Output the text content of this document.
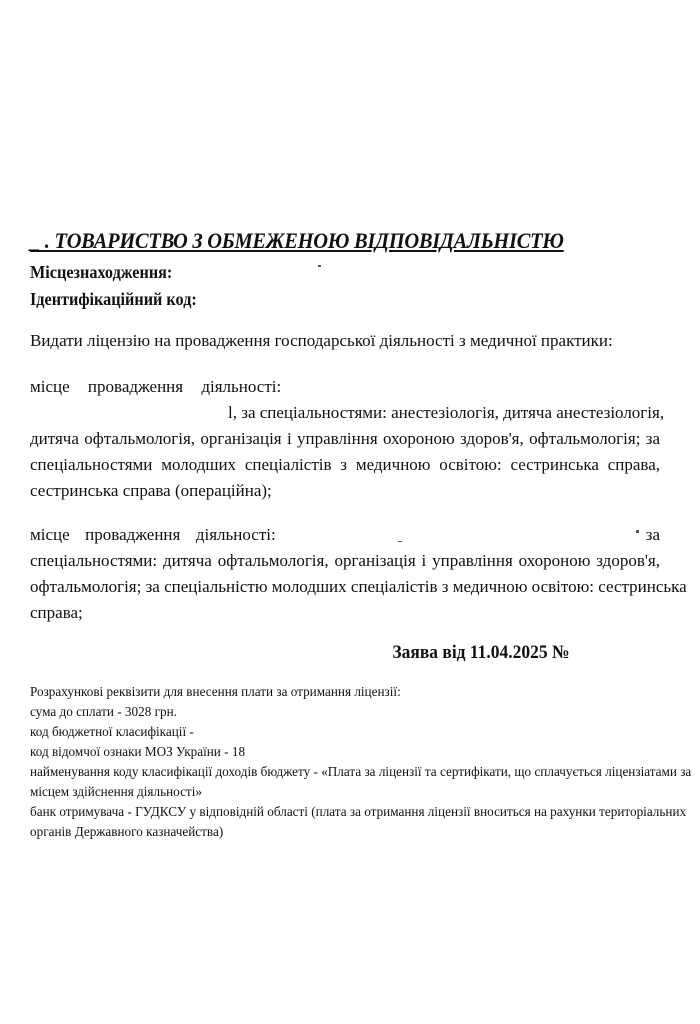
_ . ТОВАРИСТВО З ОБМЕЖЕНОЮ ВІДПОВІДАЛЬНІСТЮ
Місцезнаходження:
Ідентифікаційний код:
Видати ліцензію на провадження господарської діяльності з медичної практики:
місце провадження діяльності:
l, за спеціальностями: анестезіологія, дитяча анестезіологія,
дитяча офтальмологія, організація і управління охороною здоров'я, офтальмологія; за
спеціальностями молодших спеціалістів з медичною освітою: сестринська справа,
сестринська справа (операційна);
місце провадження діяльності:	за
спеціальностями: дитяча офтальмологія, організація і управління охороною здоров'я,
офтальмологія; за спеціальністю молодших спеціалістів з медичною освітою: сестринська
справа;
Заява від 11.04.2025 №
Розрахункові реквізити для внесення плати за отримання ліцензії:
сума до сплати - 3028 грн.
код бюджетної класифікації -
код відомчої ознаки МОЗ України - 18
найменування коду класифікації доходів бюджету - «Плата за ліцензії та сертифікати, що сплачується ліцензіатами за
місцем здійснення діяльності»
банк отримувача - ГУДКСУ у відповідній області (плата за отримання ліцензії вноситься на рахунки територіальних
органів Державного казначейства)
